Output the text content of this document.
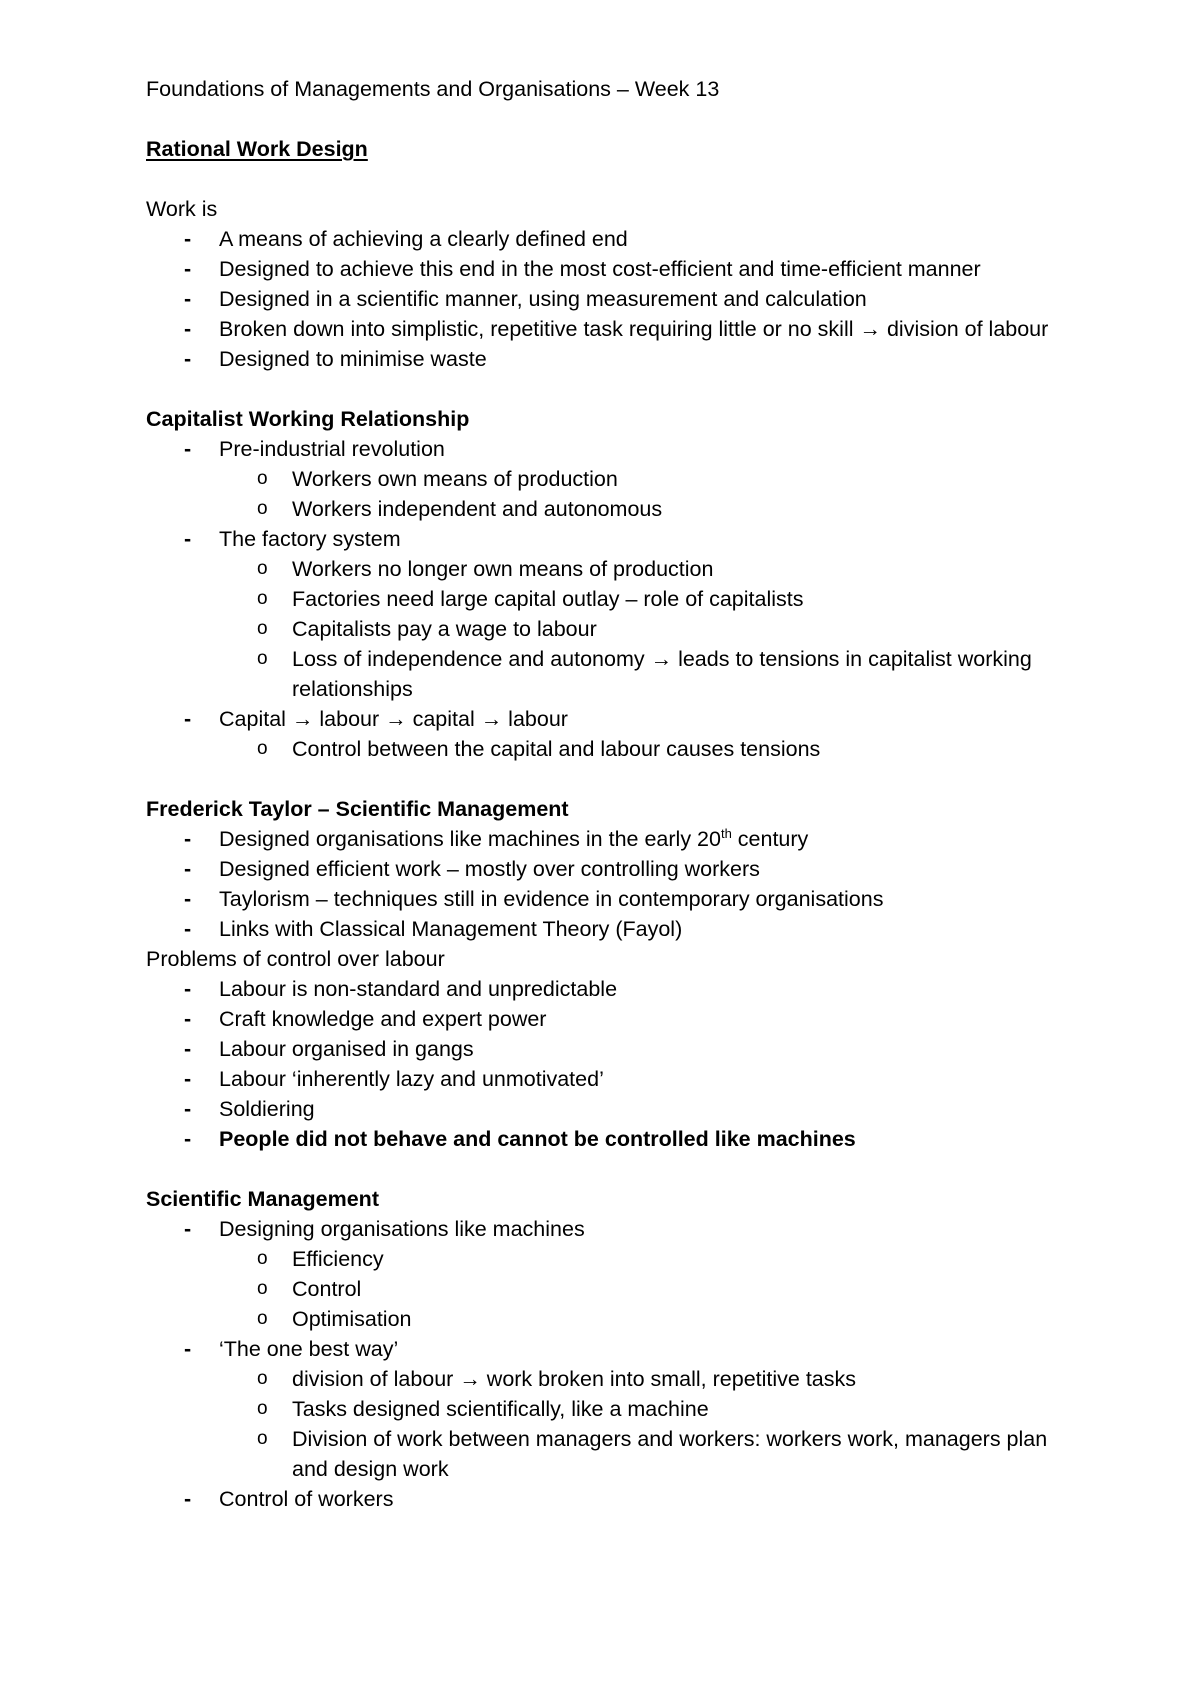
Foundations of Managements and Organisations – Week 13

Rational Work Design

Work is

- A means of achieving a clearly defined end
- Designed to achieve this end in the most cost-efficient and time-efficient manner
- Designed in a scientific manner, using measurement and calculation
- Broken down into simplistic, repetitive task requiring little or no skill → division of labour
- Designed to minimise waste

Capitalist Working Relationship

- Pre-industrial revolution
o Workers own means of production
o Workers independent and autonomous
- The factory system
o Workers no longer own means of production
o Factories need large capital outlay – role of capitalists
o Capitalists pay a wage to labour
o Loss of independence and autonomy → leads to tensions in capitalist working relationships
- Capital → labour → capital → labour
o Control between the capital and labour causes tensions

Frederick Taylor – Scientific Management

- Designed organisations like machines in the early 20th century
- Designed efficient work – mostly over controlling workers
- Taylorism – techniques still in evidence in contemporary organisations
- Links with Classical Management Theory (Fayol)

Problems of control over labour

- Labour is non-standard and unpredictable
- Craft knowledge and expert power
- Labour organised in gangs
- Labour ‘inherently lazy and unmotivated’
- Soldiering
- People did not behave and cannot be controlled like machines

Scientific Management

- Designing organisations like machines
o Efficiency
o Control
o Optimisation
- ‘The one best way’
o division of labour → work broken into small, repetitive tasks
o Tasks designed scientifically, like a machine
o Division of work between managers and workers: workers work, managers plan and design work
- Control of workers
